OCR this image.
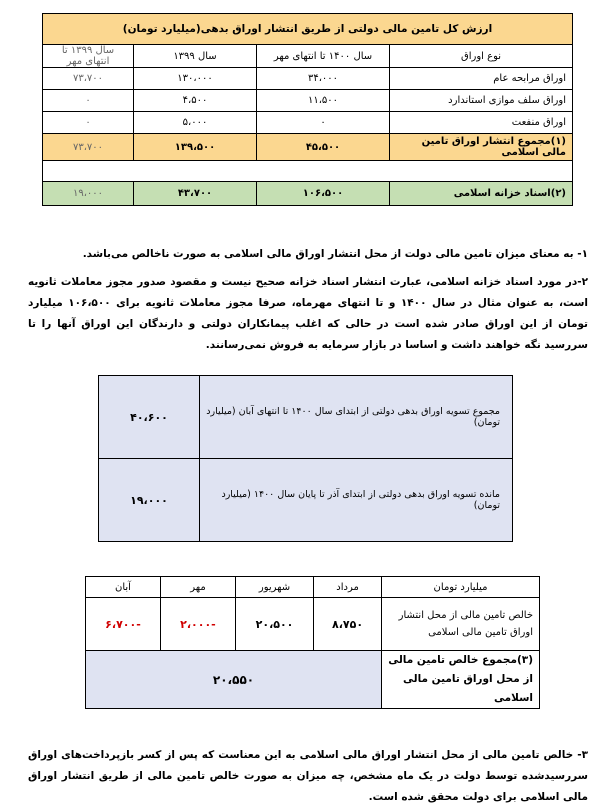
ارزش کل تامین مالی دولتی از طریق انتشار اوراق بدهی(میلیارد تومان)			
نوع اوراق	سال ۱۴۰۰ تا انتهای مهر	سال ۱۳۹۹	سال ۱۳۹۹ تا انتهای مهر
اوراق مرابحه عام	۳۴،۰۰۰	۱۳۰،۰۰۰	۷۳،۷۰۰
اوراق سلف موازی استاندارد	۱۱،۵۰۰	۴،۵۰۰	۰
اوراق منفعت	۰	۵،۰۰۰	۰
(۱)مجموع انتشار اوراق تامین مالی اسلامی	۴۵،۵۰۰	۱۳۹،۵۰۰	۷۳،۷۰۰

(۲)اسناد خزانه اسلامی	۱۰۶،۵۰۰	۴۳،۷۰۰	۱۹،۰۰۰
۱- به معنای میزان تامین مالی دولت از محل انتشار اوراق مالی اسلامی به صورت ناخالص می‌باشد.
۲-در مورد اسناد خزانه اسلامی، عبارت انتشار اسناد خزانه صحیح نیست و مقصود صدور مجوز معاملات ثانویه است، به عنوان مثال در سال ۱۴۰۰ و تا انتهای مهرماه، صرفا مجوز معاملات ثانویه برای ۱۰۶،۵۰۰ میلیارد تومان از این اوراق صادر شده است در حالی که اغلب پیمانکاران دولتی و دارندگان این اوراق آنها را تا سررسید نگه خواهند داشت و اساسا در بازار سرمایه به فروش نمی‌رسانند.
مجموع تسویه اوراق بدهی دولتی از ابتدای سال ۱۴۰۰ تا انتهای آبان (میلیارد تومان)	۴۰،۶۰۰
مانده تسویه اوراق بدهی دولتی از ابتدای آذر تا پایان سال ۱۴۰۰ (میلیارد تومان)	۱۹،۰۰۰
میلیارد تومان	مرداد	شهریور	مهر	آبان
خالص تامین مالی از محل انتشار اوراق تامین مالی اسلامی	۸،۷۵۰	۲۰،۵۰۰	-۲،۰۰۰	-۶،۷۰۰
(۳)مجموع خالص تامین مالی از محل اوراق تامین مالی اسلامی	۲۰،۵۵۰			
۳- خالص تامین مالی از محل انتشار اوراق مالی اسلامی به این معناست که پس از کسر بازپرداخت‌های اوراق سررسیدشده توسط دولت در یک ماه مشخص، چه میزان به صورت خالص تامین مالی از طریق انتشار اوراق مالی اسلامی برای دولت محقق شده است.
